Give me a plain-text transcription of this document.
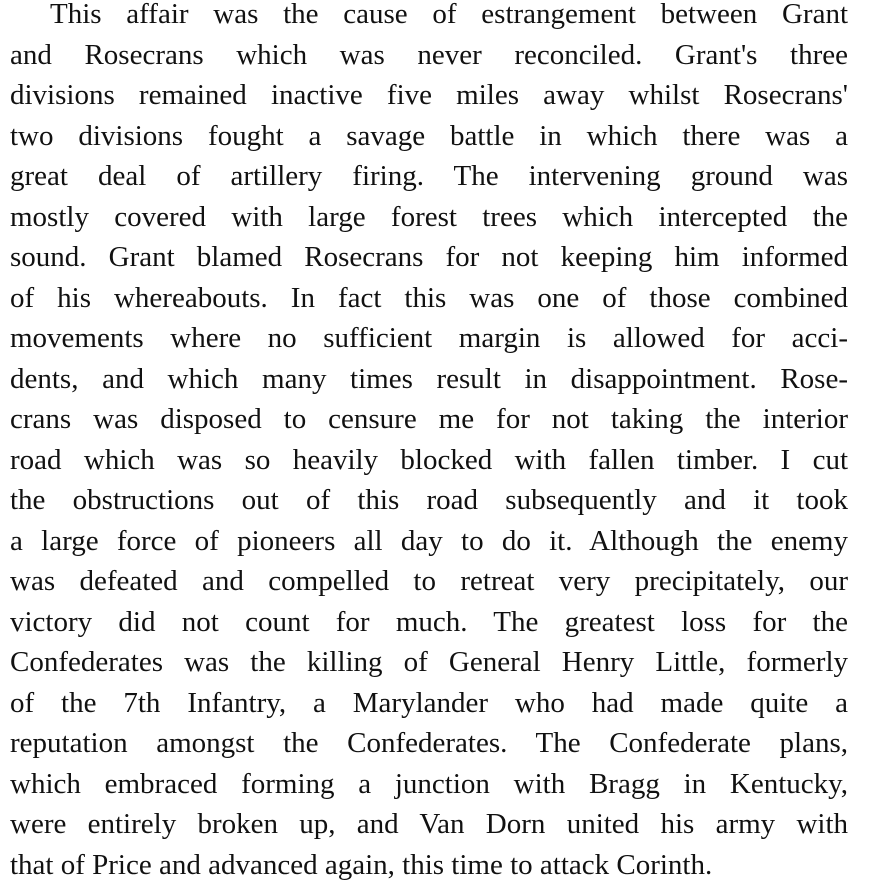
This affair was the cause of estrangement between Grant
and Rosecrans which was never reconciled. Grant's three
divisions remained inactive five miles away whilst Rosecrans'
two divisions fought a savage battle in which there was a
great deal of artillery firing. The intervening ground was
mostly covered with large forest trees which intercepted the
sound. Grant blamed Rosecrans for not keeping him informed
of his whereabouts. In fact this was one of those combined
movements where no sufficient margin is allowed for acci-
dents, and which many times result in disappointment. Rose-
crans was disposed to censure me for not taking the interior
road which was so heavily blocked with fallen timber. I cut
the obstructions out of this road subsequently and it took
a large force of pioneers all day to do it. Although the enemy
was defeated and compelled to retreat very precipitately, our
victory did not count for much. The greatest loss for the
Confederates was the killing of General Henry Little, formerly
of the 7th Infantry, a Marylander who had made quite a
reputation amongst the Confederates. The Confederate plans,
which embraced forming a junction with Bragg in Kentucky,
were entirely broken up, and Van Dorn united his army with
that of Price and advanced again, this time to attack Corinth.
